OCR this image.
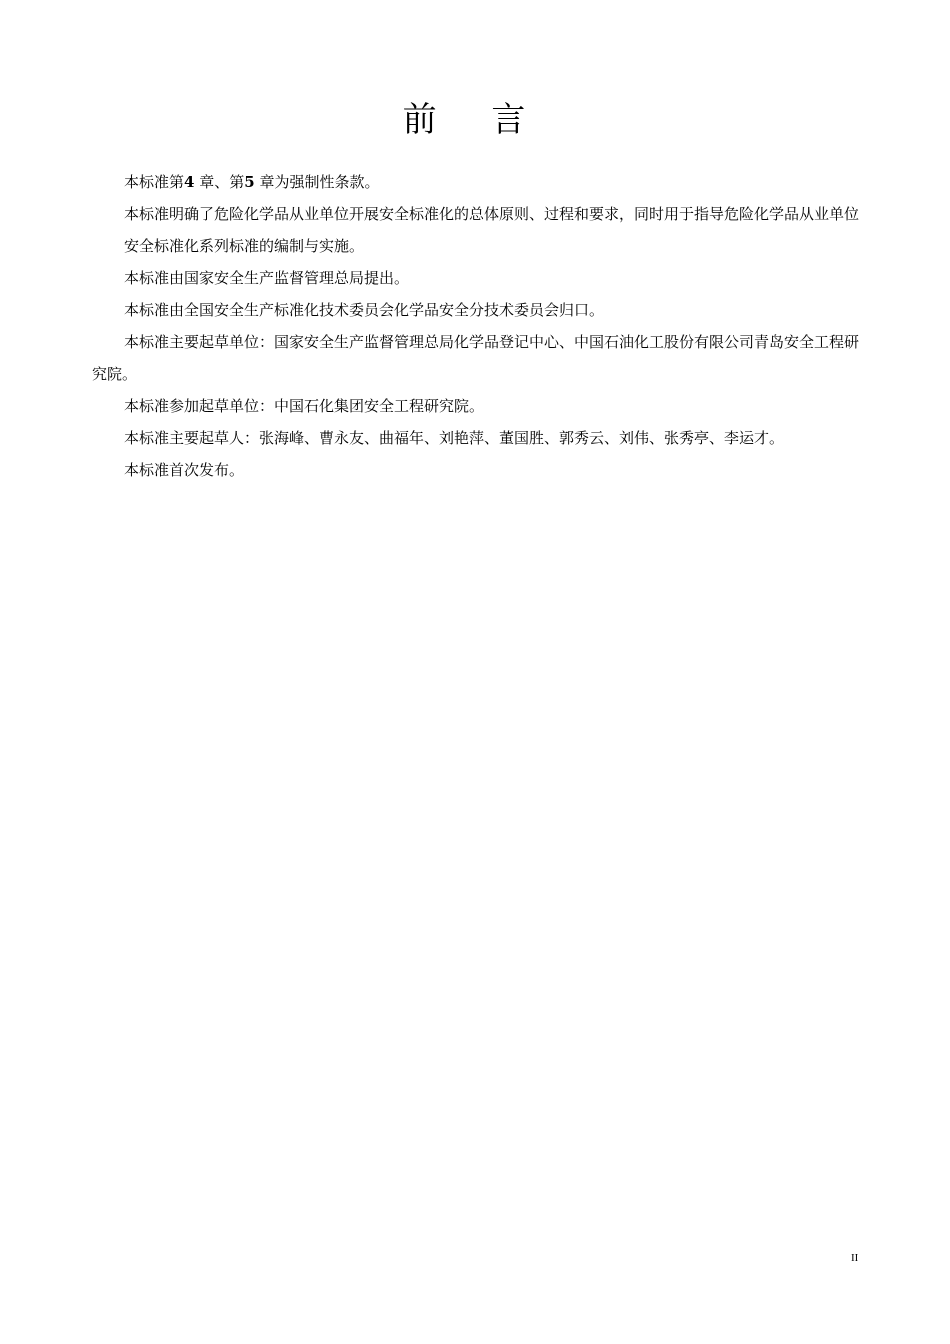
前 言

本标准第4 章、第5 章为强制性条款。

本标准明确了危险化学品从业单位开展安全标准化的总体原则、过程和要求，同时用于指导危险化学品从业单位安全标准化系列标准的编制与实施。

本标准由国家安全生产监督管理总局提出。

本标准由全国安全生产标准化技术委员会化学品安全分技术委员会归口。

本标准主要起草单位：国家安全生产监督管理总局化学品登记中心、中国石油化工股份有限公司青岛安全工程研究院。

本标准参加起草单位：中国石化集团安全工程研究院。

本标准主要起草人：张海峰、曹永友、曲福年、刘艳萍、董国胜、郭秀云、刘伟、张秀亭、李运才。

本标准首次发布。

II
